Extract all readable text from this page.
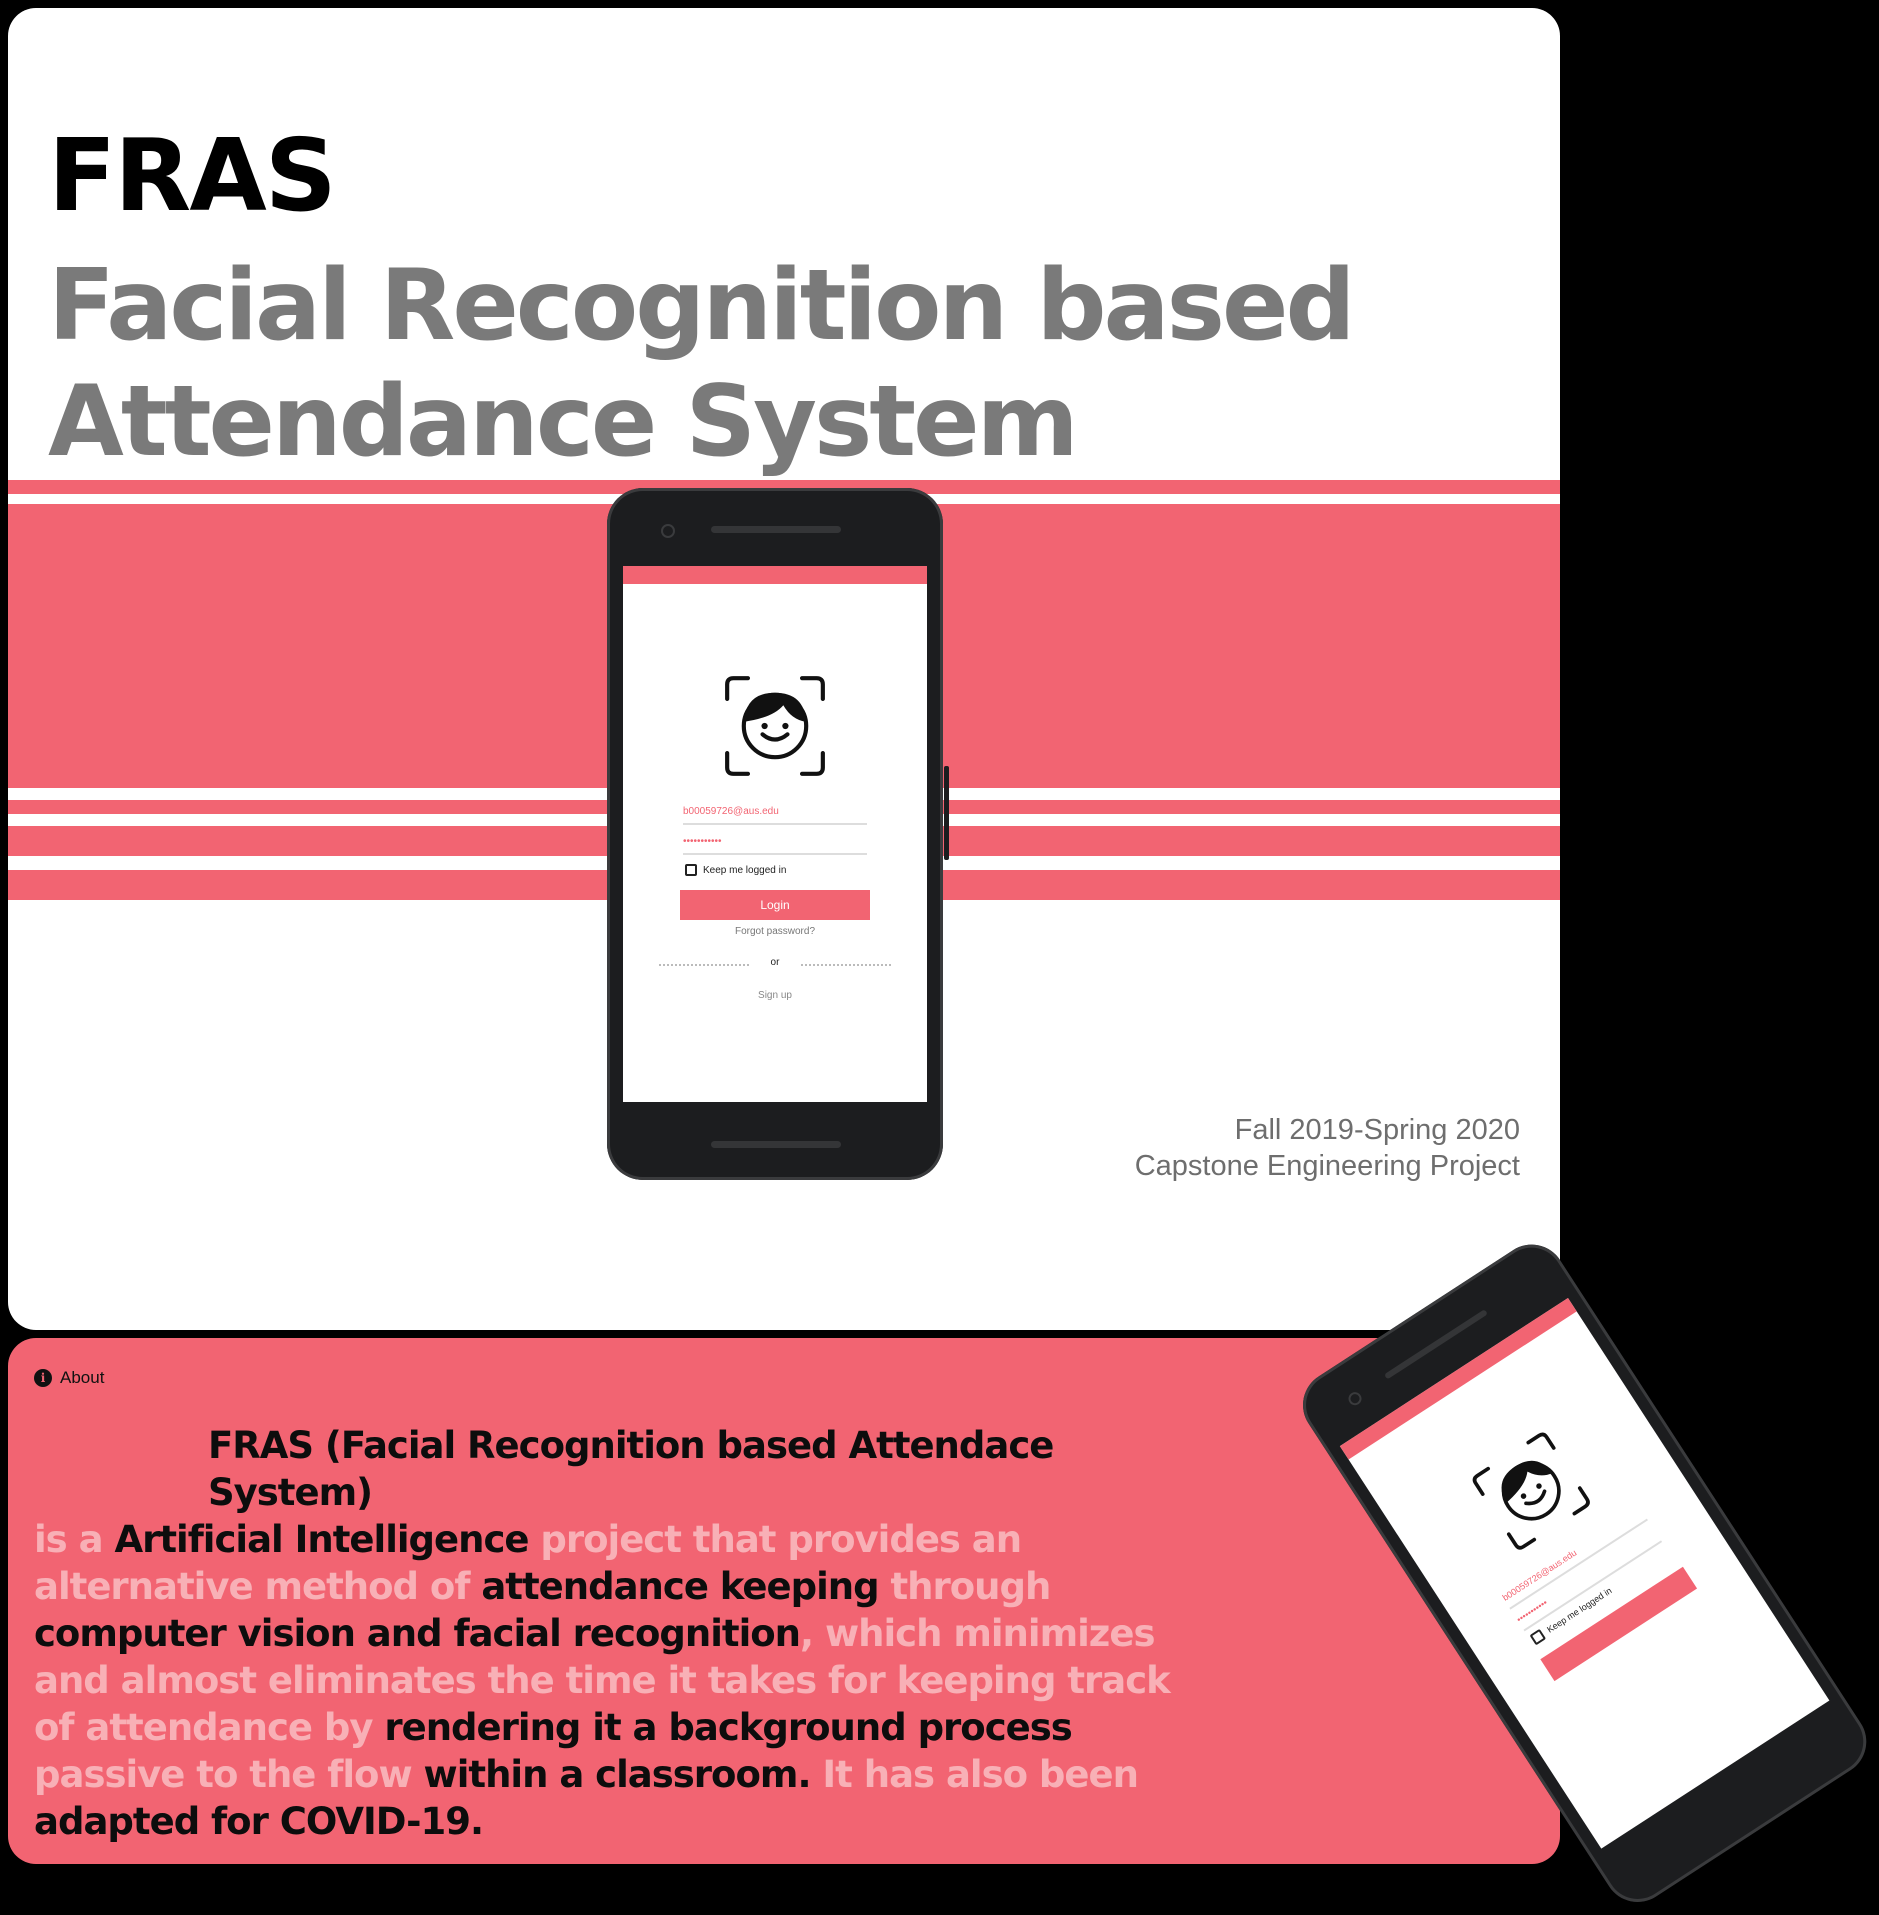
FRAS
Facial Recognition based
Attendance System
Fall 2019-Spring 2020
Capstone Engineering Project
b00059726@aus.edu
•••••••••••
Keep me logged in
Login
Forgot password?
or
Sign up
i About

FRAS (Facial Recognition based Attendace System)
is a Artificial Intelligence project that provides an alternative method of attendance keeping through computer vision and facial recognition, which minimizes and almost eliminates the time it takes for keeping track of attendance by rendering it a background process passive to the flow within a classroom. It has also been adapted for COVID-19.

b00059726@aus.edu
•••••••••••
Keep me logged in
